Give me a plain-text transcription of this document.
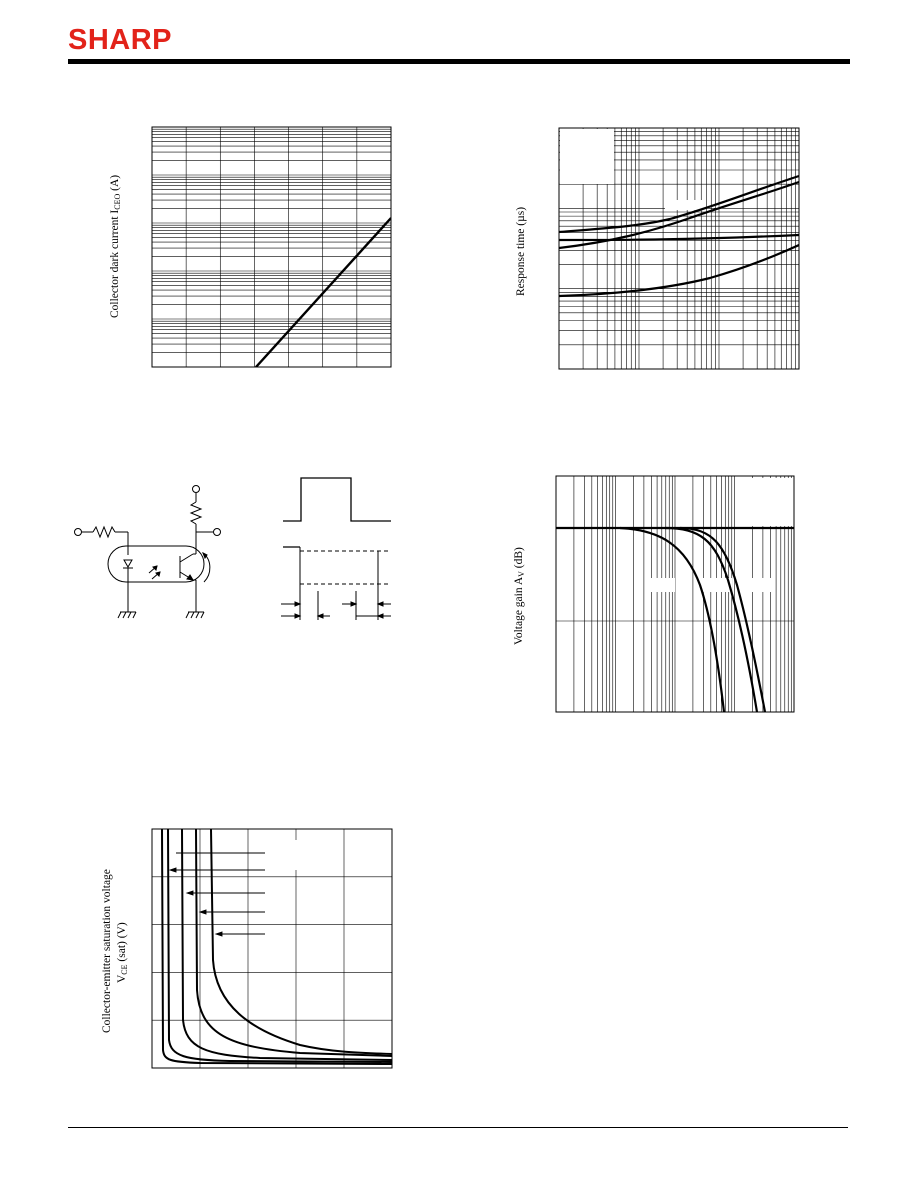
SHARP
Collector dark current ICEO (A)
Response time (µs)
Voltage gain AV (dB)
Collector-emitter saturation voltage VCE (sat) (V)
